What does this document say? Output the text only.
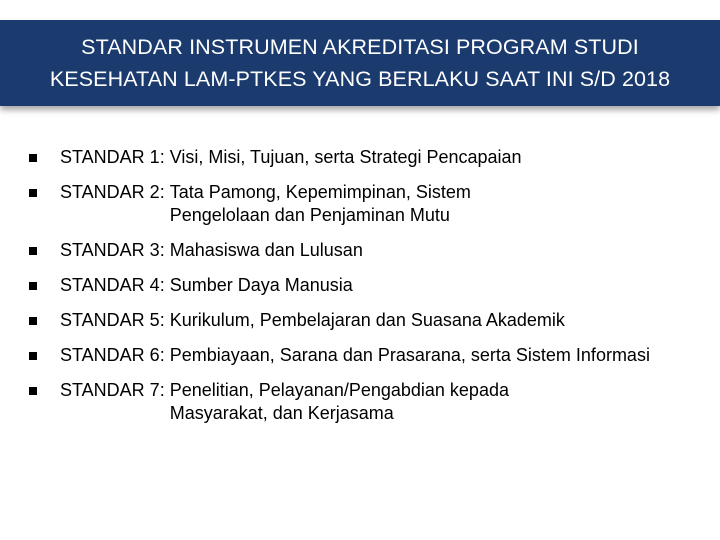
STANDAR INSTRUMEN AKREDITASI PROGRAM STUDI
KESEHATAN LAM-PTKES YANG BERLAKU SAAT INI S/D 2018
STANDAR 1 : Visi, Misi, Tujuan, serta Strategi Pencapaian
STANDAR 2 : Tata Pamong, Kepemimpinan, Sistem Pengelolaan dan Penjaminan Mutu
STANDAR 3 : Mahasiswa dan Lulusan
STANDAR 4 : Sumber Daya Manusia
STANDAR 5 : Kurikulum, Pembelajaran dan Suasana Akademik
STANDAR 6 : Pembiayaan, Sarana dan Prasarana, serta Sistem Informasi
STANDAR 7 : Penelitian, Pelayanan/Pengabdian kepada Masyarakat, dan Kerjasama
